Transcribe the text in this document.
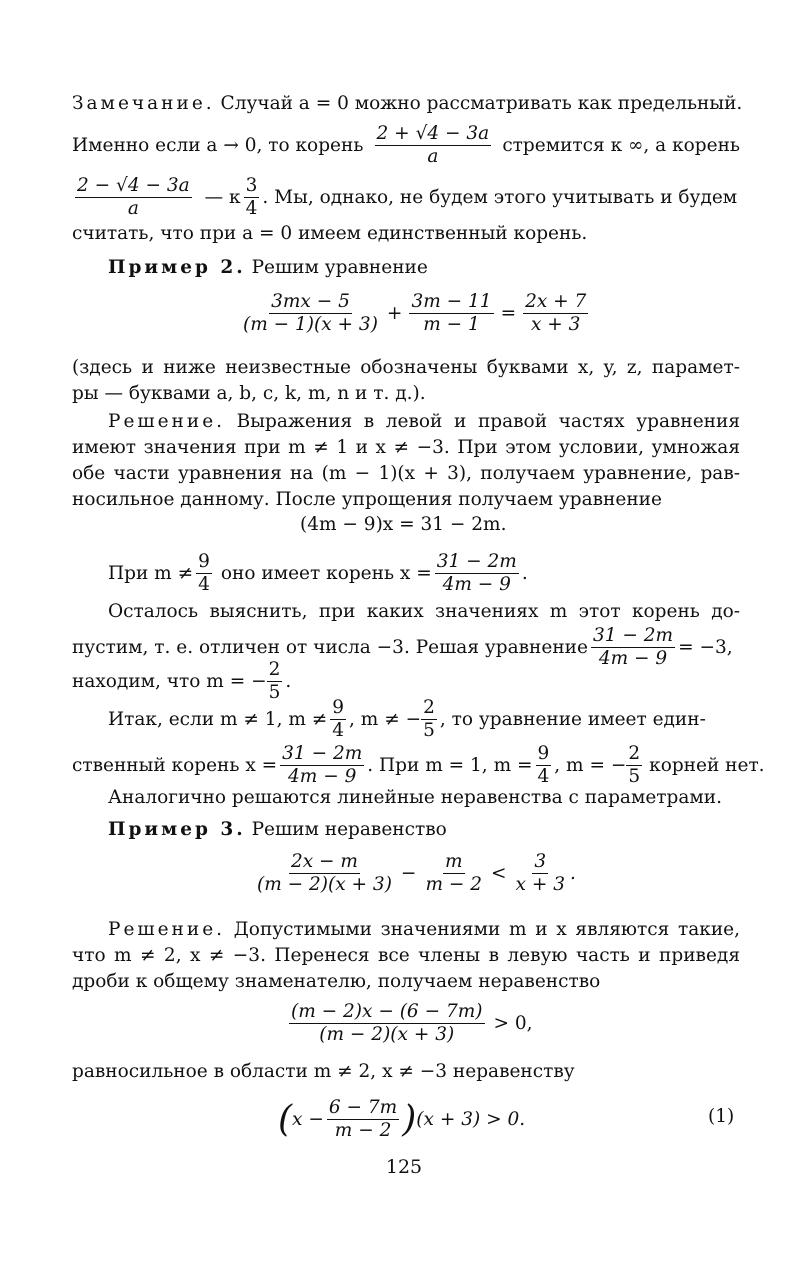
Замечание. Случай a = 0 можно рассматривать как предельный.
Именно если a → 0, то корень $\frac{2 + √4 - 3a}{a}$ стремится к ∞, а корень
$\frac{2 - √4 - 3a}{a}$ — к $\frac{3}{4}$ . Мы, однако, не будем этого учитывать и будем
считать, что при a = 0 имеем единственный корень.
Пример 2. Решим уравнение
$\frac{3mx - 5}{(m - 1)(x + 3)} + \frac{3m - 11}{m - 1} = \frac{2x + 7}{x + 3}$
(здесь и ниже неизвестные обозначены буквами x, y, z, парамет-
ры — буквами a, b, c, k, m, n и т. д.).
Решение. Выражения в левой и правой частях уравнения
имеют значения при m ≠ 1 и x ≠ −3. При этом условии, умножая
обе части уравнения на (m − 1)(x + 3), получаем уравнение, рав-
носильное данному. После упрощения получаем уравнение
(4m − 9)x = 31 − 2m.
При $m \ne \frac{9}{4}$ оно имеет корень $x = \frac{31 - 2m}{4m - 9}$ .
Осталось выяснить, при каких значениях m этот корень до-
пустим, т. е. отличен от числа −3. Решая уравнение $\frac{31 - 2m}{4m - 9} = -3$,
находим, что m = − $\frac{2}{5}$ .
Итак, если m ≠ 1, $m \ne \frac{9}{4}$ , m ≠ − $\frac{2}{5}$ , то уравнение имеет един-
ственный корень $x = \frac{31 - 2m}{4m - 9}$ . При m = 1, $m = \frac{9}{4}$ , m = − $\frac{2}{5}$ корней нет.
Аналогично решаются линейные неравенства с параметрами.
Пример 3. Решим неравенство
$\frac{2x - m}{(m - 2)(x + 3)} - \frac{m}{m - 2} < \frac{3}{x + 3}$ .
Решение. Допустимыми значениями m и x являются такие,
что m ≠ 2, x ≠ −3. Перенеся все члены в левую часть и приведя
дроби к общему знаменателю, получаем неравенство
$\frac{(m - 2)x - (6 - 7m)}{(m - 2)(x + 3)} > 0$,
равносильное в области m ≠ 2, x ≠ −3 неравенству
( $x - \frac{6 - 7m}{m - 2}$ ) (x + 3) > 0.	(1)
125
